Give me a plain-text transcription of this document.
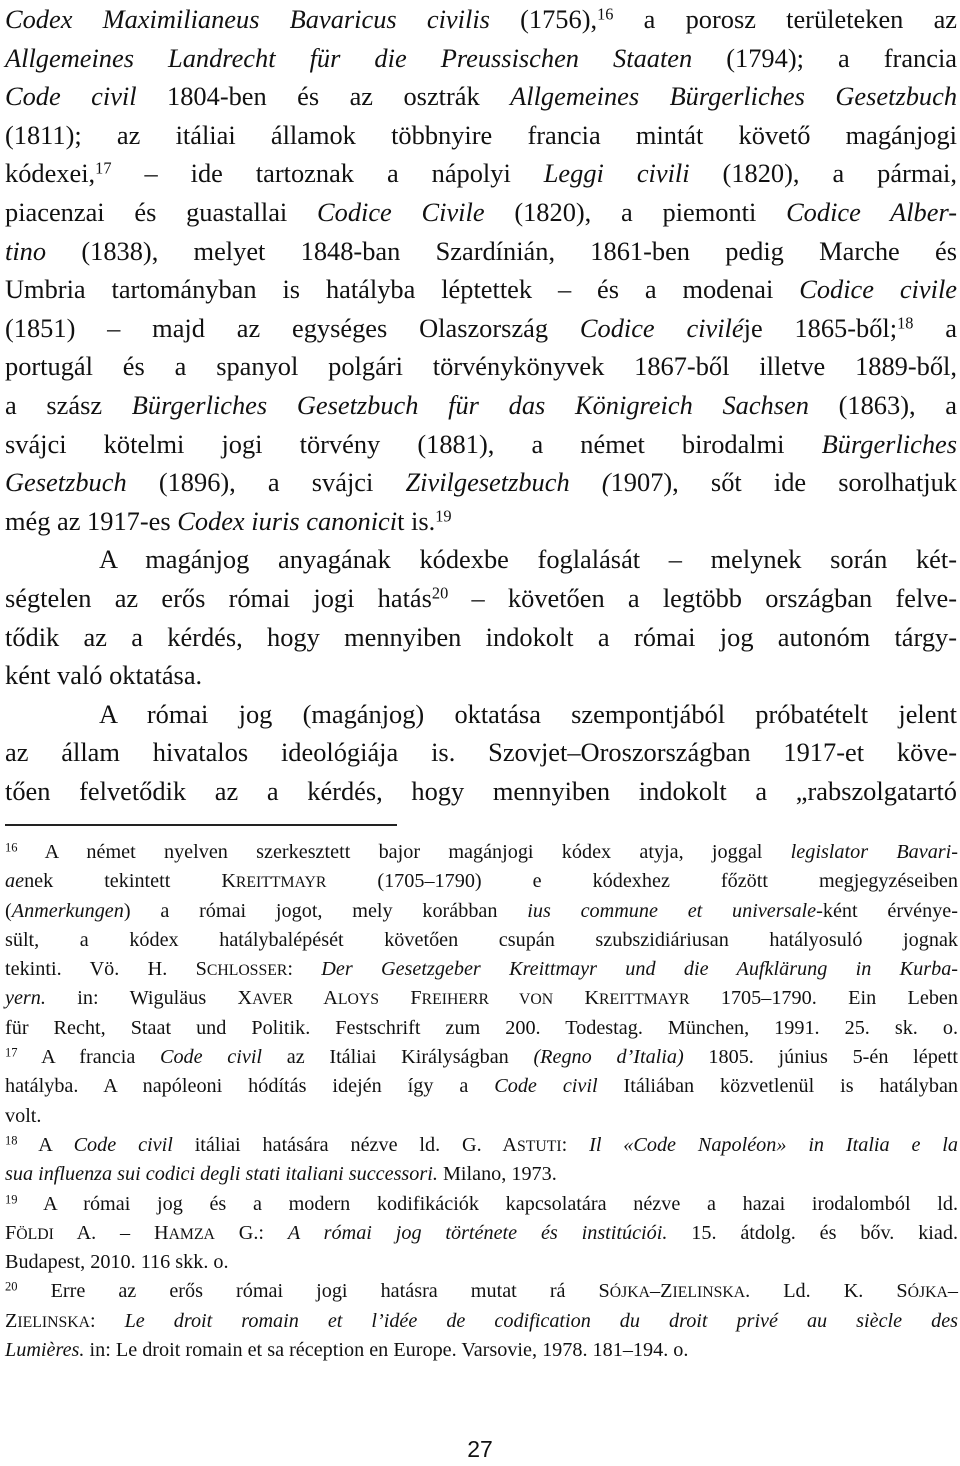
Codex Maximilianeus Bavaricus civilis (1756),$^{16}$ a porosz területeken az
Allgemeines Landrecht für die Preussischen Staaten (1794); a francia
Code civil 1804-ben és az osztrák Allgemeines Bürgerliches Gesetzbuch
(1811); az itáliai államok többnyire francia mintát követő magánjogi
kódexei,$^{17}$ – ide tartoznak a nápolyi Leggi civili (1820), a pármai,
piacenzai és guastallai Codice Civile (1820), a piemonti Codice Alber-
tino (1838), melyet 1848-ban Szardínián, 1861-ben pedig Marche és
Umbria tartományban is hatályba léptettek – és a modenai Codice civile
(1851) – majd az egységes Olaszország Codice civiléje 1865-ből;$^{18}$ a
portugál és a spanyol polgári törvénykönyvek 1867-ből illetve 1889-ből,
a szász Bürgerliches Gesetzbuch für das Königreich Sachsen (1863), a
svájci kötelmi jogi törvény (1881), a német birodalmi Bürgerliches
Gesetzbuch (1896), a svájci Zivilgesetzbuch (1907), sőt ide sorolhatjuk
még az 1917-es Codex iuris canonicit is.$^{19}$
A magánjog anyagának kódexbe foglalását – melynek során két-
ségtelen az erős római jogi hatás$^{20}$ – követően a legtöbb országban felve-
tődik az a kérdés, hogy mennyiben indokolt a római jog autonóm tárgy-
ként való oktatása.
A római jog (magánjog) oktatása szempontjából próbatételt jelent
az állam hivatalos ideológiája is. Szovjet–Oroszországban 1917-et köve-
tően felvetődik az a kérdés, hogy mennyiben indokolt a „rabszolgatartó
$^{16}$ A német nyelven szerkesztett bajor magánjogi kódex atyja, joggal legislator Bavari-
aenek tekintett KREITTMAYR (1705–1790) e kódexhez főzött megjegyzéseiben
(Anmerkungen) a római jogot, mely korábban ius commune et universale-ként érvénye-
sült, a kódex hatálybalépését követően csupán szubszidiáriusan hatályosuló jognak
tekinti. Vö. H. SCHLOSSER: Der Gesetzgeber Kreittmayr und die Aufklärung in Kurba-
yern. in: Wiguläus XAVER ALOYS FREIHERR VON KREITTMAYR 1705–1790. Ein Leben
für Recht, Staat und Politik. Festschrift zum 200. Todestag. München, 1991. 25. sk. o.
$^{17}$ A francia Code civil az Itáliai Királyságban (Regno d’Italia) 1805. június 5-én lépett
hatályba. A napóleoni hódítás idején így a Code civil Itáliában közvetlenül is hatályban
volt.
$^{18}$ A Code civil itáliai hatására nézve ld. G. ASTUTI: Il «Code Napoléon» in Italia e la
sua influenza sui codici degli stati italiani successori. Milano, 1973.
$^{19}$ A római jog és a modern kodifikációk kapcsolatára nézve a hazai irodalomból ld.
FÖLDI A. – HAMZA G.: A római jog története és institúciói. 15. átdolg. és bőv. kiad.
Budapest, 2010. 116 skk. o.
$^{20}$ Erre az erős római jogi hatásra mutat rá SÓJKA–ZIELINSKA. Ld. K. SÓJKA–
ZIELINSKA: Le droit romain et l’idée de codification du droit privé au siècle des
Lumières. in: Le droit romain et sa réception en Europe. Varsovie, 1978. 181–194. o.
27
